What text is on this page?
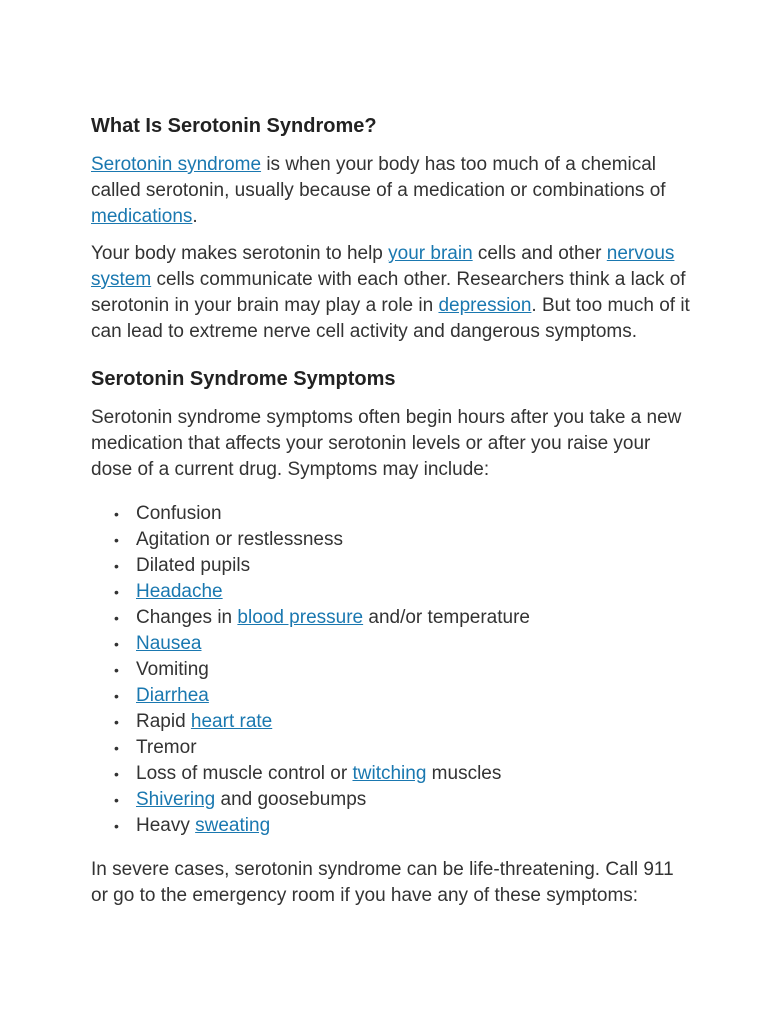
What Is Serotonin Syndrome?

Serotonin syndrome is when your body has too much of a chemical called serotonin, usually because of a medication or combinations of medications.

Your body makes serotonin to help your brain cells and other nervous system cells communicate with each other. Researchers think a lack of serotonin in your brain may play a role in depression. But too much of it can lead to extreme nerve cell activity and dangerous symptoms.

Serotonin Syndrome Symptoms

Serotonin syndrome symptoms often begin hours after you take a new medication that affects your serotonin levels or after you raise your dose of a current drug. Symptoms may include:

• Confusion
• Agitation or restlessness
• Dilated pupils
• Headache
• Changes in blood pressure and/or temperature
• Nausea
• Vomiting
• Diarrhea
• Rapid heart rate
• Tremor
• Loss of muscle control or twitching muscles
• Shivering and goosebumps
• Heavy sweating

In severe cases, serotonin syndrome can be life-threatening. Call 911 or go to the emergency room if you have any of these symptoms:
